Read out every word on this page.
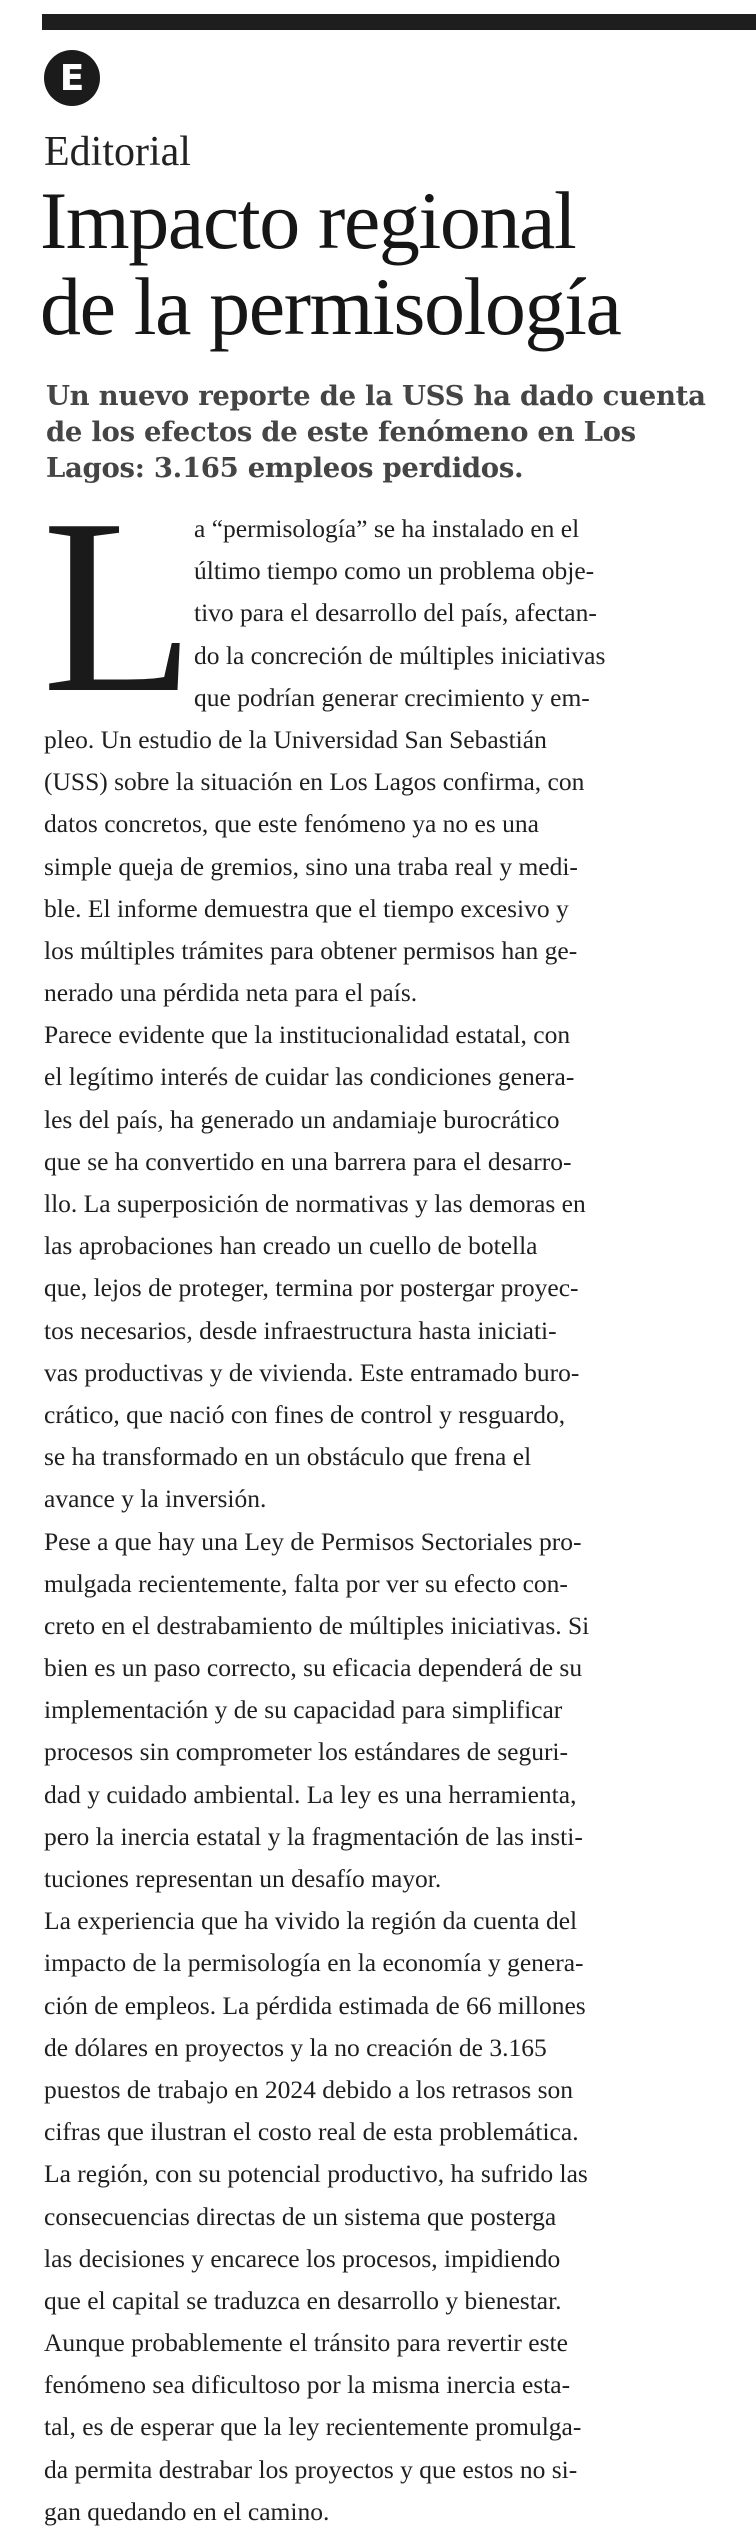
E
Editorial
Impacto regional
de la permisología
Un nuevo reporte de la USS ha dado cuenta
de los efectos de este fenómeno en Los
Lagos: 3.165 empleos perdidos.
L a “permisología” se ha instalado en el
último tiempo como un problema obje-
tivo para el desarrollo del país, afectan-
do la concreción de múltiples iniciativas
que podrían generar crecimiento y em-
pleo. Un estudio de la Universidad San Sebastián
(USS) sobre la situación en Los Lagos confirma, con
datos concretos, que este fenómeno ya no es una
simple queja de gremios, sino una traba real y medi-
ble. El informe demuestra que el tiempo excesivo y
los múltiples trámites para obtener permisos han ge-
nerado una pérdida neta para el país.
Parece evidente que la institucionalidad estatal, con
el legítimo interés de cuidar las condiciones genera-
les del país, ha generado un andamiaje burocrático
que se ha convertido en una barrera para el desarro-
llo. La superposición de normativas y las demoras en
las aprobaciones han creado un cuello de botella
que, lejos de proteger, termina por postergar proyec-
tos necesarios, desde infraestructura hasta iniciati-
vas productivas y de vivienda. Este entramado buro-
crático, que nació con fines de control y resguardo,
se ha transformado en un obstáculo que frena el
avance y la inversión.
Pese a que hay una Ley de Permisos Sectoriales pro-
mulgada recientemente, falta por ver su efecto con-
creto en el destrabamiento de múltiples iniciativas. Si
bien es un paso correcto, su eficacia dependerá de su
implementación y de su capacidad para simplificar
procesos sin comprometer los estándares de seguri-
dad y cuidado ambiental. La ley es una herramienta,
pero la inercia estatal y la fragmentación de las insti-
tuciones representan un desafío mayor.
La experiencia que ha vivido la región da cuenta del
impacto de la permisología en la economía y genera-
ción de empleos. La pérdida estimada de 66 millones
de dólares en proyectos y la no creación de 3.165
puestos de trabajo en 2024 debido a los retrasos son
cifras que ilustran el costo real de esta problemática.
La región, con su potencial productivo, ha sufrido las
consecuencias directas de un sistema que posterga
las decisiones y encarece los procesos, impidiendo
que el capital se traduzca en desarrollo y bienestar.
Aunque probablemente el tránsito para revertir este
fenómeno sea dificultoso por la misma inercia esta-
tal, es de esperar que la ley recientemente promulga-
da permita destrabar los proyectos y que estos no si-
gan quedando en el camino.
